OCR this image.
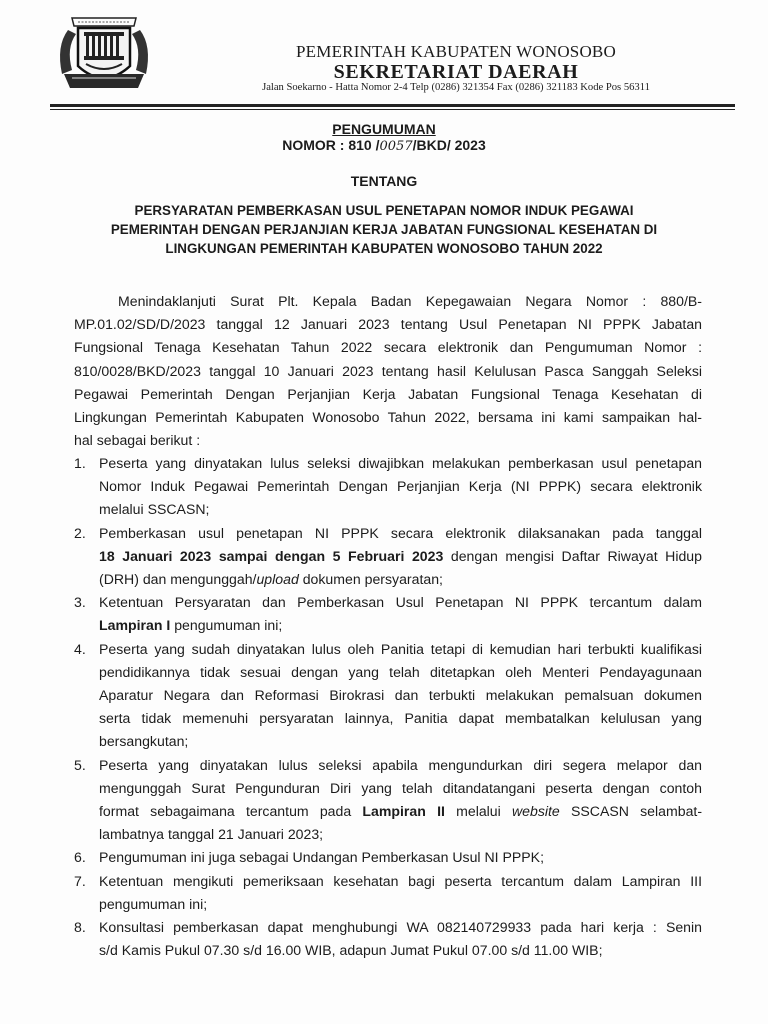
PEMERINTAH KABUPATEN WONOSOBO
SEKRETARIAT DAERAH
Jalan Soekarno - Hatta Nomor 2-4 Telp (0286) 321354 Fax (0286) 321183 Kode Pos 56311
PENGUMUMAN
NOMOR : 810 /0057/BKD/ 2023
TENTANG
PERSYARATAN PEMBERKASAN USUL PENETAPAN NOMOR INDUK PEGAWAI
PEMERINTAH DENGAN PERJANJIAN KERJA JABATAN FUNGSIONAL KESEHATAN DI
LINGKUNGAN PEMERINTAH KABUPATEN WONOSOBO TAHUN 2022
Menindaklanjuti Surat Plt. Kepala Badan Kepegawaian Negara Nomor : 880/B-
MP.01.02/SD/D/2023 tanggal 12 Januari 2023 tentang Usul Penetapan NI PPPK Jabatan
Fungsional Tenaga Kesehatan Tahun 2022 secara elektronik dan Pengumuman Nomor :
810/0028/BKD/2023 tanggal 10 Januari 2023 tentang hasil Kelulusan Pasca Sanggah Seleksi
Pegawai Pemerintah Dengan Perjanjian Kerja Jabatan Fungsional Tenaga Kesehatan di
Lingkungan Pemerintah Kabupaten Wonosobo Tahun 2022, bersama ini kami sampaikan hal-
hal sebagai berikut :
1. Peserta yang dinyatakan lulus seleksi diwajibkan melakukan pemberkasan usul penetapan
Nomor Induk Pegawai Pemerintah Dengan Perjanjian Kerja (NI PPPK) secara elektronik
melalui SSCASN;
2. Pemberkasan usul penetapan NI PPPK secara elektronik dilaksanakan pada tanggal
18 Januari 2023 sampai dengan 5 Februari 2023 dengan mengisi Daftar Riwayat Hidup
(DRH) dan mengunggah/upload dokumen persyaratan;
3. Ketentuan Persyaratan dan Pemberkasan Usul Penetapan NI PPPK tercantum dalam
Lampiran I pengumuman ini;
4. Peserta yang sudah dinyatakan lulus oleh Panitia tetapi di kemudian hari terbukti kualifikasi
pendidikannya tidak sesuai dengan yang telah ditetapkan oleh Menteri Pendayagunaan
Aparatur Negara dan Reformasi Birokrasi dan terbukti melakukan pemalsuan dokumen
serta tidak memenuhi persyaratan lainnya, Panitia dapat membatalkan kelulusan yang
bersangkutan;
5. Peserta yang dinyatakan lulus seleksi apabila mengundurkan diri segera melapor dan
mengunggah Surat Pengunduran Diri yang telah ditandatangani peserta dengan contoh
format sebagaimana tercantum pada Lampiran II melalui website SSCASN selambat-
lambatnya tanggal 21 Januari 2023;
6. Pengumuman ini juga sebagai Undangan Pemberkasan Usul NI PPPK;
7. Ketentuan mengikuti pemeriksaan kesehatan bagi peserta tercantum dalam Lampiran III
pengumuman ini;
8. Konsultasi pemberkasan dapat menghubungi WA 082140729933 pada hari kerja : Senin
s/d Kamis Pukul 07.30 s/d 16.00 WIB, adapun Jumat Pukul 07.00 s/d 11.00 WIB;
